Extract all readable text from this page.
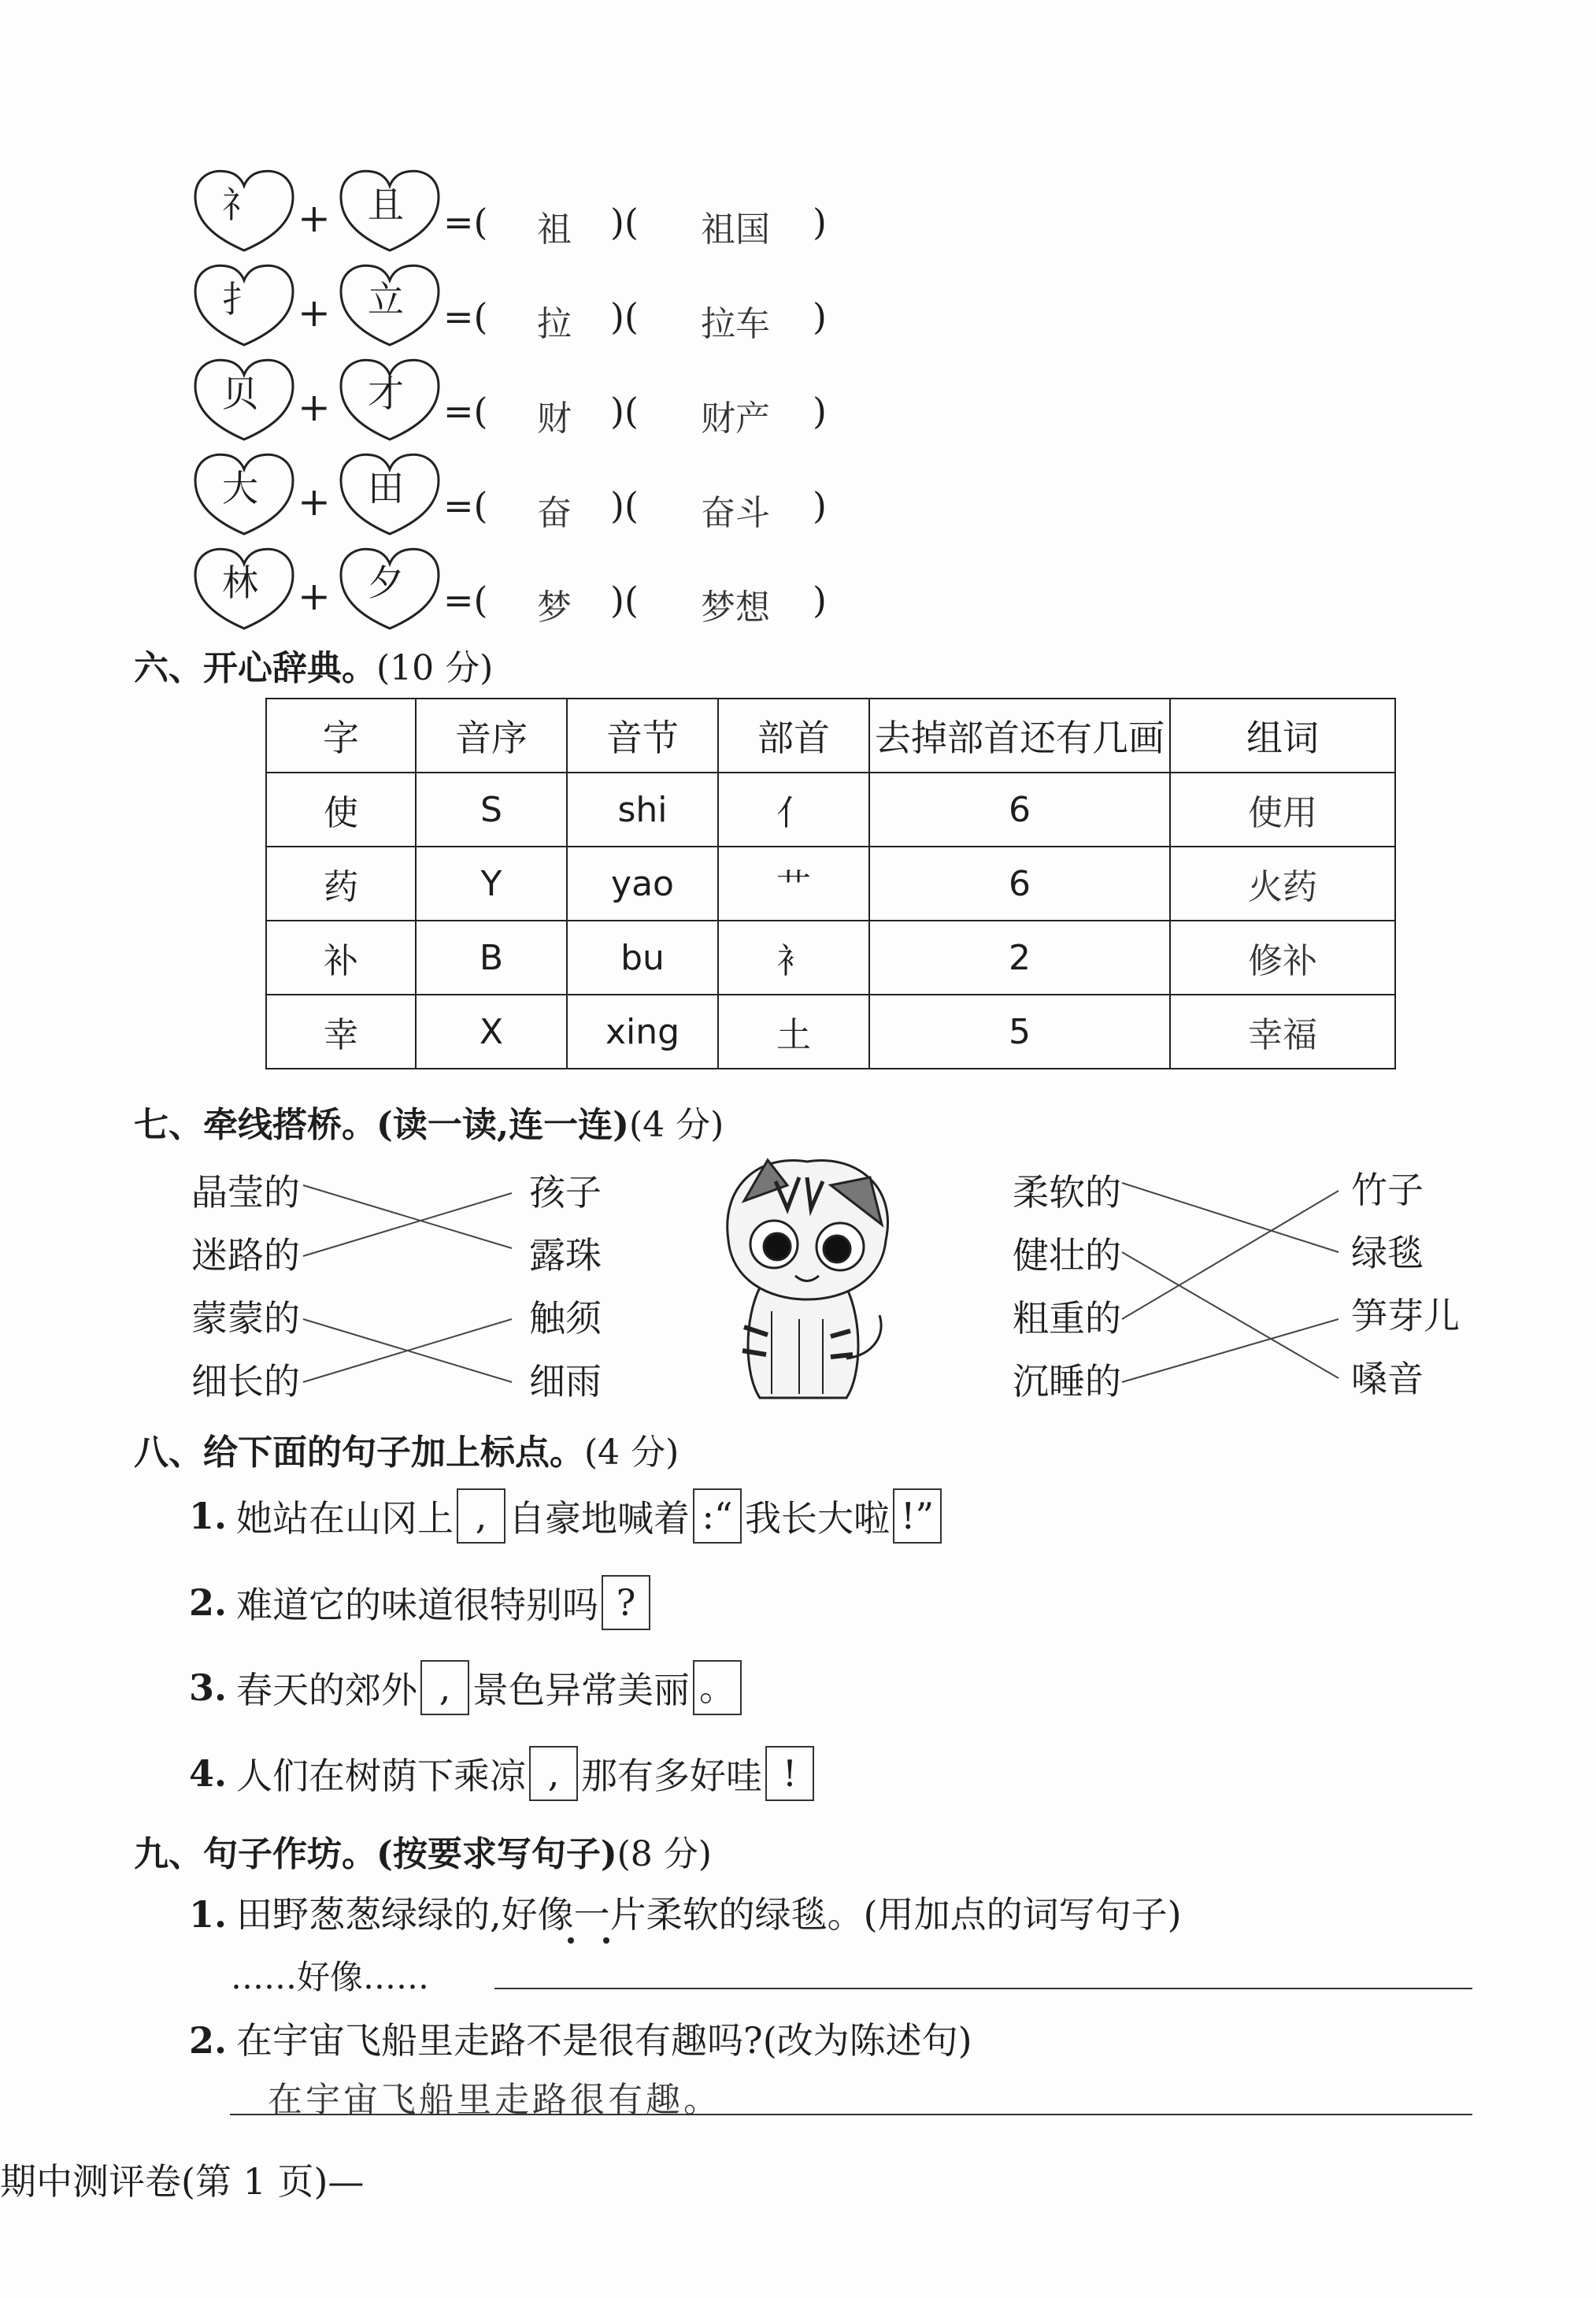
礻	+	且	=( 祖 )( 祖国 )
扌	+	立	=( 拉 )( 拉车 )
贝	+	才	=( 财 )( 财产 )
大	+	田	=( 奋 )( 奋斗 )
林	+	夕	=( 梦 )( 梦想 )
六、开心辞典。(10 分)
字	音序	音节	部首	去掉部首还有几画	组词
使	S	shi	亻	6	使用
药	Y	yao	艹	6	火药
补	B	bu	衤	2	修补
幸	X	xing	土	5	幸福
七、牵线搭桥。(读一读,连一连)(4 分)
晶莹的
迷路的
蒙蒙的
细长的
孩子
露珠
触须
细雨
柔软的
健壮的
粗重的
沉睡的
竹子
绿毯
笋芽儿
嗓音
八、给下面的句子加上标点。(4 分)
1. 她站在山冈上 , 自豪地喊着 :“ 我长大啦 !”
2. 难道它的味道很特别吗 ?
3. 春天的郊外 , 景色异常美丽 。
4. 人们在树荫下乘凉 , 那有多好哇 !
九、句子作坊。(按要求写句子)(8 分)
1. 田野葱葱绿绿的,好像一片柔软的绿毯。(用加点的词写句子)
……好像……
2. 在宇宙飞船里走路不是很有趣吗?(改为陈述句)
在宇宙飞船里走路很有趣。
期中测评卷(第 1 页)—
